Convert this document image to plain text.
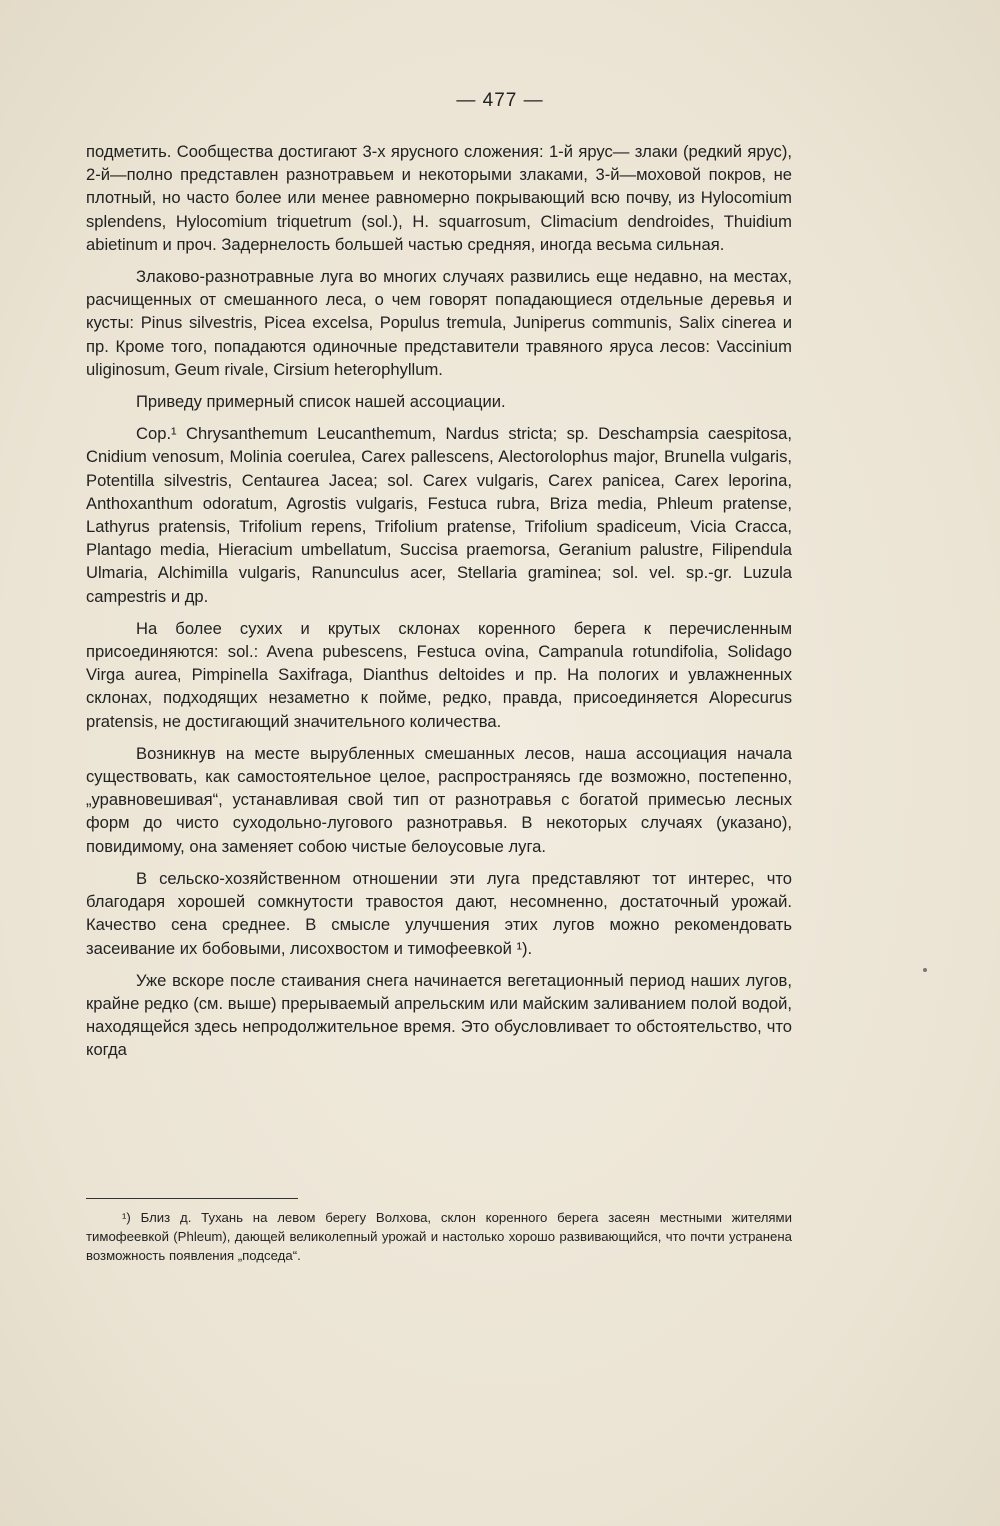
— 477 —

подметить. Сообщества достигают 3-х ярусного сложения: 1-й ярус— злаки (редкий ярус), 2-й—полно представлен разнотравьем и некоторыми злаками, 3-й—моховой покров, не плотный, но часто более или менее равномерно покрывающий всю почву, из Hylocomium splendens, Hylocomium triquetrum (sol.), H. squarrosum, Climacium dendroides, Thuidium abietinum и проч. Задернелость большей частью средняя, иногда весьма сильная.

Злаково-разнотравные луга во многих случаях развились еще недавно, на местах, расчищенных от смешанного леса, о чем говорят попадающиеся отдельные деревья и кусты: Pinus silvestris, Picea excelsa, Populus tremula, Juniperus communis, Salix cinerea и пр. Кроме того, попадаются одиночные представители травяного яруса лесов: Vaccinium uliginosum, Geum rivale, Cirsium heterophyllum.

Приведу примерный список нашей ассоциации.

Cop.¹ Chrysanthemum Leucanthemum, Nardus stricta; sp. Deschampsia caespitosa, Cnidium venosum, Molinia coerulea, Carex pallescens, Alectorolophus major, Brunella vulgaris, Potentilla silvestris, Centaurea Jacea; sol. Carex vulgaris, Carex panicea, Carex leporina, Anthoxanthum odoratum, Agrostis vulgaris, Festuca rubra, Briza media, Phleum pratense, Lathyrus pratensis, Trifolium repens, Trifolium pratense, Trifolium spadiceum, Vicia Cracca, Plantago media, Hieracium umbellatum, Succisa praemorsa, Geranium palustre, Filipendula Ulmaria, Alchimilla vulgaris, Ranunculus acer, Stellaria graminea; sol. vel. sp.-gr. Luzula campestris и др.

На более сухих и крутых склонах коренного берега к перечисленным присоединяются: sol.: Avena pubescens, Festuca ovina, Campanula rotundifolia, Solidago Virga aurea, Pimpinella Saxifraga, Dianthus deltoides и пр. На пологих и увлажненных склонах, подходящих незаметно к пойме, редко, правда, присоединяется Alopecurus pratensis, не достигающий значительного количества.

Возникнув на месте вырубленных смешанных лесов, наша ассоциация начала существовать, как самостоятельное целое, распространяясь где возможно, постепенно, „уравновешивая“, устанавливая свой тип от разнотравья с богатой примесью лесных форм до чисто суходольно-лугового разнотравья. В некоторых случаях (указано), повидимому, она заменяет собою чистые белоусовые луга.

В сельско-хозяйственном отношении эти луга представляют тот интерес, что благодаря хорошей сомкнутости травостоя дают, несомненно, достаточный урожай. Качество сена среднее. В смысле улучшения этих лугов можно рекомендовать засеивание их бобовыми, лисохвостом и тимофеевкой ¹).

Уже вскоре после стаивания снега начинается вегетационный период наших лугов, крайне редко (см. выше) прерываемый апрельским или майским заливанием полой водой, находящейся здесь непродолжительное время. Это обусловливает то обстоятельство, что когда

¹) Близ д. Тухань на левом берегу Волхова, склон коренного берега засеян местными жителями тимофеевкой (Phleum), дающей великолепный урожай и настолько хорошо развивающийся, что почти устранена возможность появления „подседа“.
